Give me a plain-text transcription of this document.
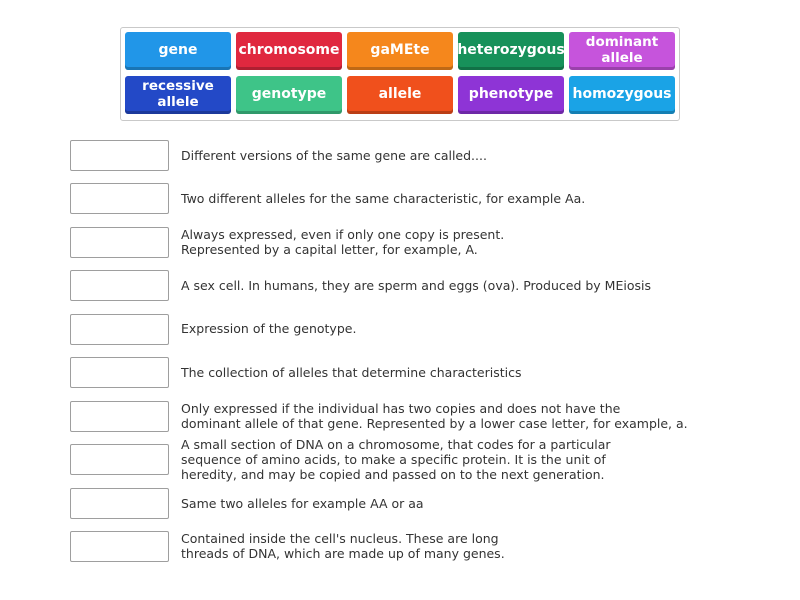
gene	chromosome	gaMEte	heterozygous	dominant
allele
recessive
allele	genotype	allele	phenotype	homozygous
Different versions of the same gene are called....
Two different alleles for the same characteristic, for example Aa.
Always expressed, even if only one copy is present.
Represented by a capital letter, for example, A.
A sex cell. In humans, they are sperm and eggs (ova). Produced by MEiosis
Expression of the genotype.
The collection of alleles that determine characteristics
Only expressed if the individual has two copies and does not have the
dominant allele of that gene. Represented by a lower case letter, for example, a.
A small section of DNA on a chromosome, that codes for a particular
sequence of amino acids, to make a specific protein. It is the unit of
heredity, and may be copied and passed on to the next generation.
Same two alleles for example AA or aa
Contained inside the cell's nucleus. These are long
threads of DNA, which are made up of many genes.
